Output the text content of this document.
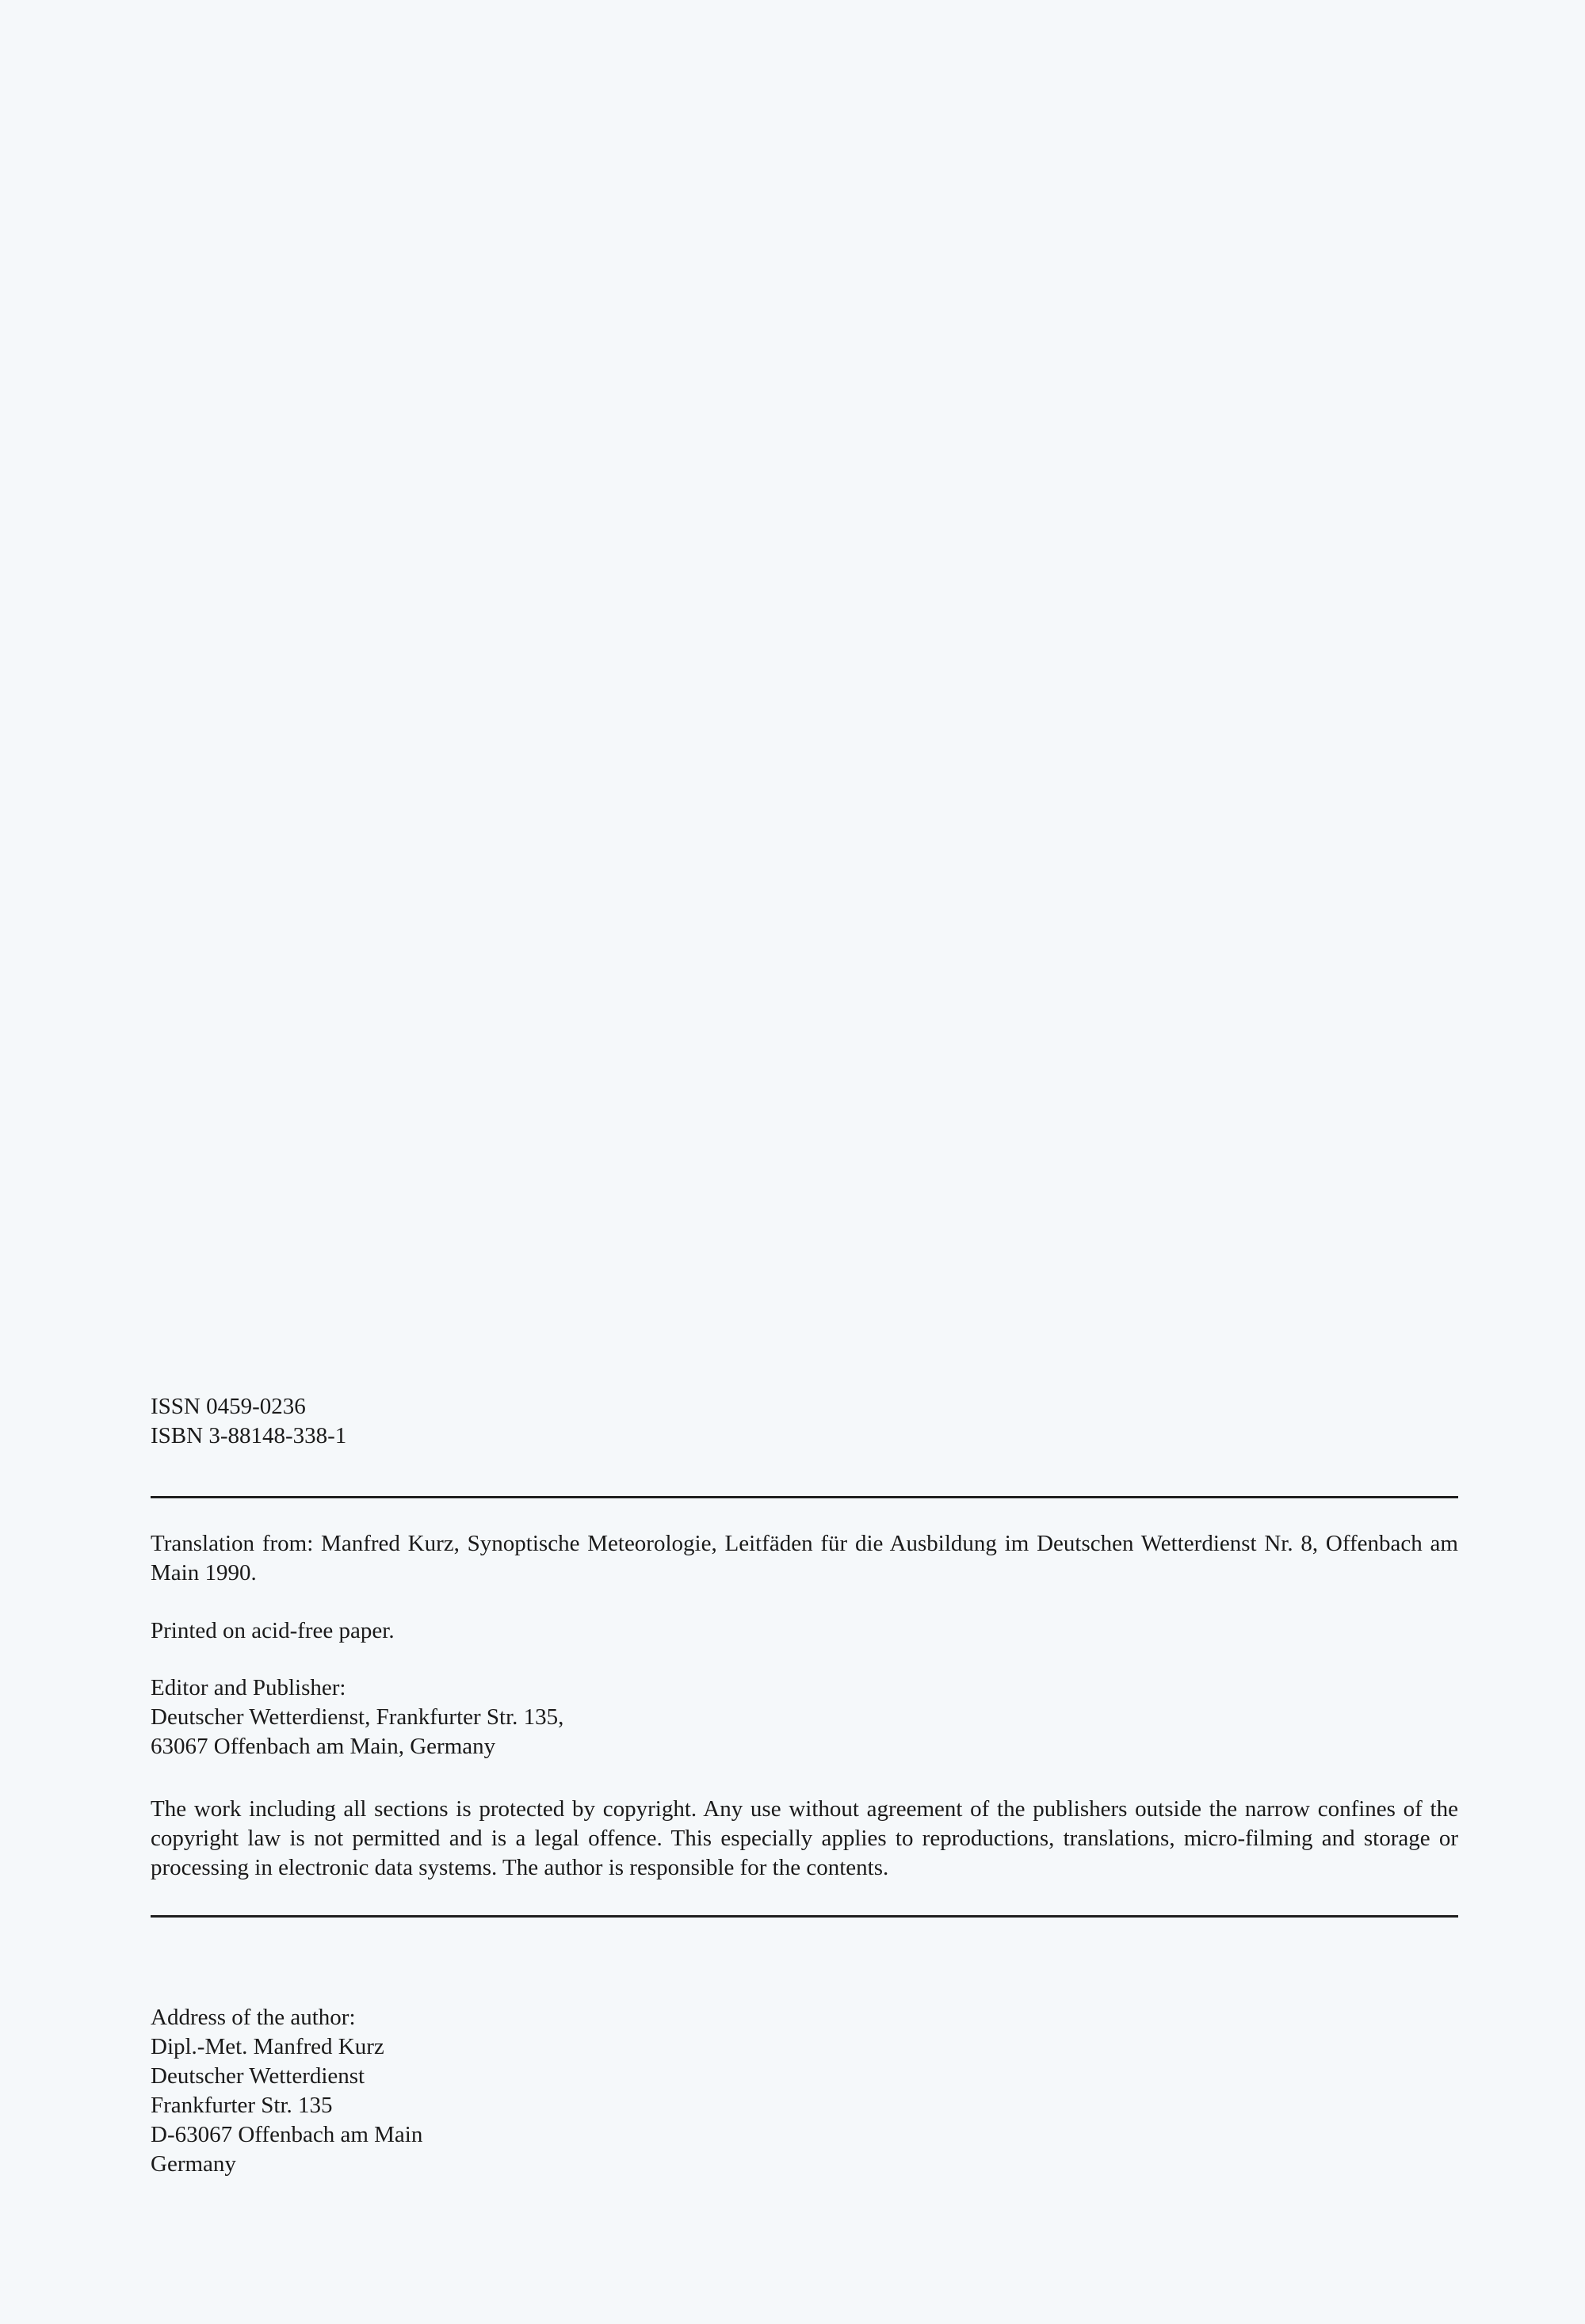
ISSN 0459-0236

ISBN 3-88148-338-1

Translation from: Manfred Kurz, Synoptische Meteorologie, Leitfäden für die Ausbildung im Deutschen Wetterdienst Nr. 8, Offenbach am Main 1990.

Printed on acid-free paper.

Editor and Publisher:

Deutscher Wetterdienst, Frankfurter Str. 135,

63067 Offenbach am Main, Germany

The work including all sections is protected by copyright. Any use without agreement of the publishers outside the narrow confines of the copyright law is not permitted and is a legal offence. This especially applies to reproductions, translations, micro-filming and storage or processing in electronic data systems. The author is responsible for the contents.

Address of the author:

Dipl.-Met. Manfred Kurz

Deutscher Wetterdienst

Frankfurter Str. 135

D-63067 Offenbach am Main

Germany
